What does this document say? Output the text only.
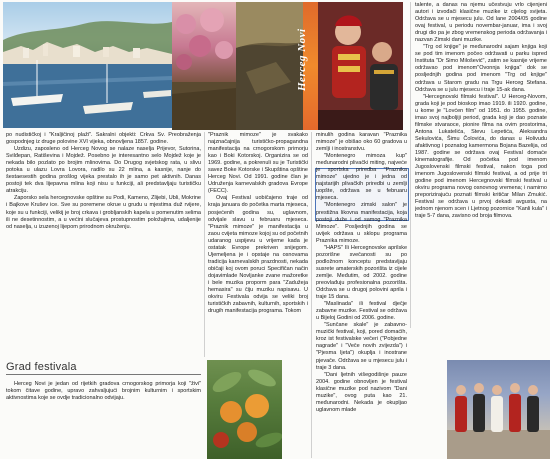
Herceg Novi

po nudističkoj i "Kraljičinoj plaži". Sakralni objekti: Crkva Sv. Preobraženja gospodnjeg iz druge polovine XVI vijeka, obnovljena 1857. godine.

Uzdizu, zaposleno od Herceg Novog se nalaze naselja Prijevor, Sutorina, Svilđepan, Ratiševina i Mojdež. Posebno je interesantno selo Mojdež koje je nekada bilo pozlato po brojim mlinovima. Do Drugog svjetskog rata, u slivu potoka u ulazu Lovra Lovora, radilo su 22 mlina, a kasnije, nanje do šestaesestih godina prošlog vijeka prestalo ih je samo pet aktivnih. Danas postoji tek dva lijepavna mlina koji nisu u funkciji, ali predstavljaju turističku atrakciju.

Zaporsko sela hercegnovske opštine su Podi, Kameno, Zlijebi, Ubli, Mokrine i Bajkove Krušev ice. Sve su poremene okrue u grudu u mjestima duž rvijere, koje su u funkciji, velikij je broj crkava i grobljanskih kapela u pomenutim selima ili ne desetinnostim, a u većini slučajeva prostupnostim položajima, udaljenije od naselja, u izuzenoj lijepom prirodnom okruženju.

Grad festivala

Herceg Novi je jedan od rijetkih gradova crnogorskog primorja koji "živi" tokom čitave godine, upravo zahvaljujući brojnim kulturnim i sportskim aktivnostima koje se ovdje tradicionalno odvijaju.

"Praznik mimoze" je svakako najznačajnija turističko-propagandna manifestacija na crnogorskom primorju kao i Boki Kotorskoj. Organizira se od 1969. godine, a pokrenuli su je Turistički savez Boke Kotorske i Skupština opštine Herceg Novi. Od 1991. godine član je Udruženja karnevalskih gradova Evrope (FECC).

Ovaj Festival uobičajeno traje od kraja januara do početka marta mjeseca, posjećenih godina su, uglavnom, odvijale slavu u februaru mjeseca. "Praznik mimoze" je manifestacija u zaou cvijeta mimoze kojoj su od početnih udaranog uspijevu u vrijeme kada je ostatak Evrope prekriven snijegom. Ujemeljena je i opstaje na osnovama tradicija karnevalskih prazdnosti, nekada običaji koj ovom poruci Specifičan način dojavimlade Novljanke zvane mažoretke i bele muzika proporm para "Zadužeja hemasira" su čiju muziku napisavu. U okviru Festivala odvija se veliki broj turističkih zabavnih, kulturnih, sportskih i drugih manifestacija programa. Tokom

minulih godina karavan "Praznika mimoze" je obišao oko 60 gradova u zemlji i inostranstvu.

"Montenegro mimoza kup" međunarodni plivački miting, najveće je sportska priredba "Praznika mimoze" ujedno je i jedna od najstarijih plivačkih priredbi u zemlji uopšte, održava se u februaru mjeseca.

"Montenegro zimski salon" je prestižna likovna manifestacija, koja postoji duže i od samog "Praznika Mimoze". Posljednjih godina se uvijek održava u sklopu programa Praznika mimoze.

"HAPS" Ili Hercegnovske aprilske pozorišne svečanosti su po podložnom konceptu predstavljaju susrete amaterskih pozorišta iz cijele zemlje. Međutim, od 2002. godine preovlađuju profesionalna pozorišta. Održava se u drugoj polovini aprila i traje 15 dana.

"Maslinada" ili festival dječje zabavne muzike. Festival se održava u Bijeloj Godini od 2006. godine.

"Sunčane skale" je zabavno-muzički festival, koji, pored domaćih, kroz ist festivalske večeri ("Pobjedne nagrade" i "Veče novih zvijezda") i "Pjesma ljeta") okuplja i inostrane pjevače. Održava se u mjesecu julu i traje 3 dana.

"Dani ljetnih višegodišnje pauze 2004. godine obnovljen je festival klasične muzike pod nazivom "Dani muzike", ovog puta kao 21. međunarodni. Nekada je okupljao uglavnom mlade

talente, a danas na njemu učestvuju vrlo cijenjeni autori i izvođači klasične muzike iz cijelog svijeta. Održava se u mjesecu julu. Od lane 2004/05 godine ovaj festival, u periodu novembar-januar, ima i svoj drugi dio pa je zbog vremenskog perioda održavanja i nazvan Zimski dani muzike.

"Trg od knjige" je međunarodni sajam knjiga koji se pod tim imenom počeo održavati u parku ispred Instituta "Dr Simo Milošević", zatim se kasnije vrijeme održavao pod imenom"Ovonnja knjiga" dok se posljednjih godina pod imenom "Trg od knjige" održava u Starom gradu na Trgu Herceg Stefana. Održava se u julu mjesecu i traje 15-ak dana.

"Hercegnovski filmski festival". U Herceg-Novom, grada koji je pod bioskop imao 1919. ili 1920. godine, u kome je "Lovćen film" od 1951. do 1955. godine, imao svoj najboljiji period, grada koji je dao poznate filmske stvaraoce, pionire filma na ovim prostorima, Antona Lukatelića, Stevu Lepetića, Aleksandra Sekulovića, Šimu Čolovića, do danas u Holivudu afaktivnog i poznatog kamermona Bojana Bazelija, od 1987. godine se održava ovaj Festival domaće kinematografije. Od početka pod imenom Jugoslovenski filmski festival, nakon toga pod imenom Jugoslovenski filmski festival, a od prije tri godine pod imenom Hercegnovski filmski festival u okviru programa novog osnovnog vremena; i namirno preporizirajuću poznati filmski kritičar Milan Zmukić. Festival se održava u prvoj dekadi avgusta, na jednom njenom scen i Ljetnog pozornice "Kanli kula" i traje 5-7 dana, zavisno od broja filmova.
